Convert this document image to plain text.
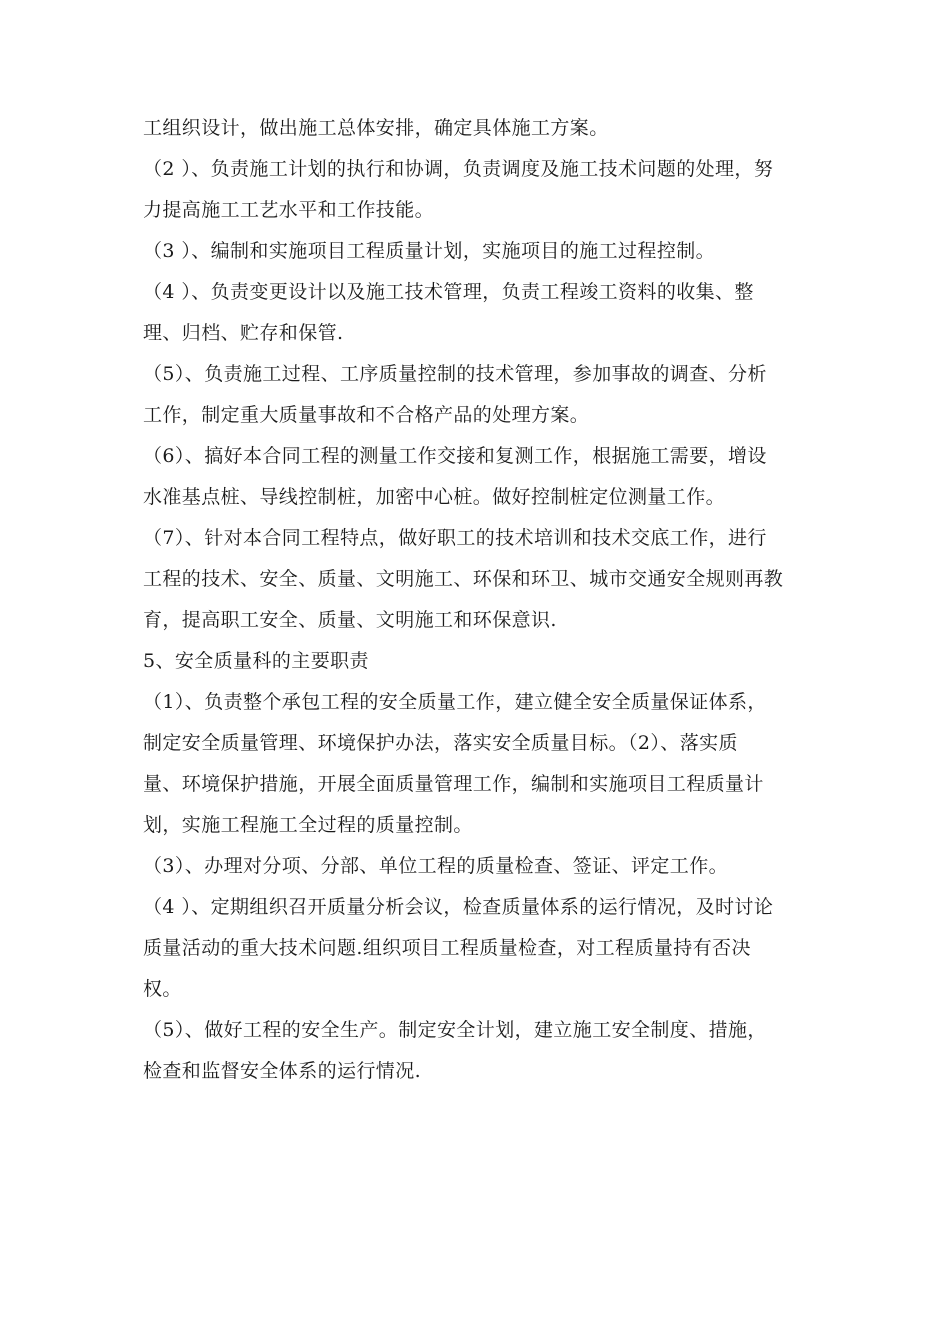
工组织设计，做出施工总体安排，确定具体施工方案。
（2 ）、负责施工计划的执行和协调，负责调度及施工技术问题的处理，努
力提高施工工艺水平和工作技能。
（3 ）、编制和实施项目工程质量计划，实施项目的施工过程控制。
（4 ）、负责变更设计以及施工技术管理，负责工程竣工资料的收集、整
理、归档、贮存和保管.
（5）、负责施工过程、工序质量控制的技术管理，参加事故的调查、分析
工作，制定重大质量事故和不合格产品的处理方案。
（6）、搞好本合同工程的测量工作交接和复测工作，根据施工需要，增设
水准基点桩、导线控制桩，加密中心桩。做好控制桩定位测量工作。
（7）、针对本合同工程特点，做好职工的技术培训和技术交底工作，进行
工程的技术、安全、质量、文明施工、环保和环卫、城市交通安全规则再教
育，提高职工安全、质量、文明施工和环保意识.
5、安全质量科的主要职责
（1）、负责整个承包工程的安全质量工作，建立健全安全质量保证体系，
制定安全质量管理、环境保护办法，落实安全质量目标。（2）、落实质
量、环境保护措施，开展全面质量管理工作，编制和实施项目工程质量计
划，实施工程施工全过程的质量控制。
（3）、办理对分项、分部、单位工程的质量检查、签证、评定工作。
（4 ）、定期组织召开质量分析会议，检查质量体系的运行情况，及时讨论
质量活动的重大技术问题.组织项目工程质量检查，对工程质量持有否决
权。
（5）、做好工程的安全生产。制定安全计划，建立施工安全制度、措施，
检查和监督安全体系的运行情况.
